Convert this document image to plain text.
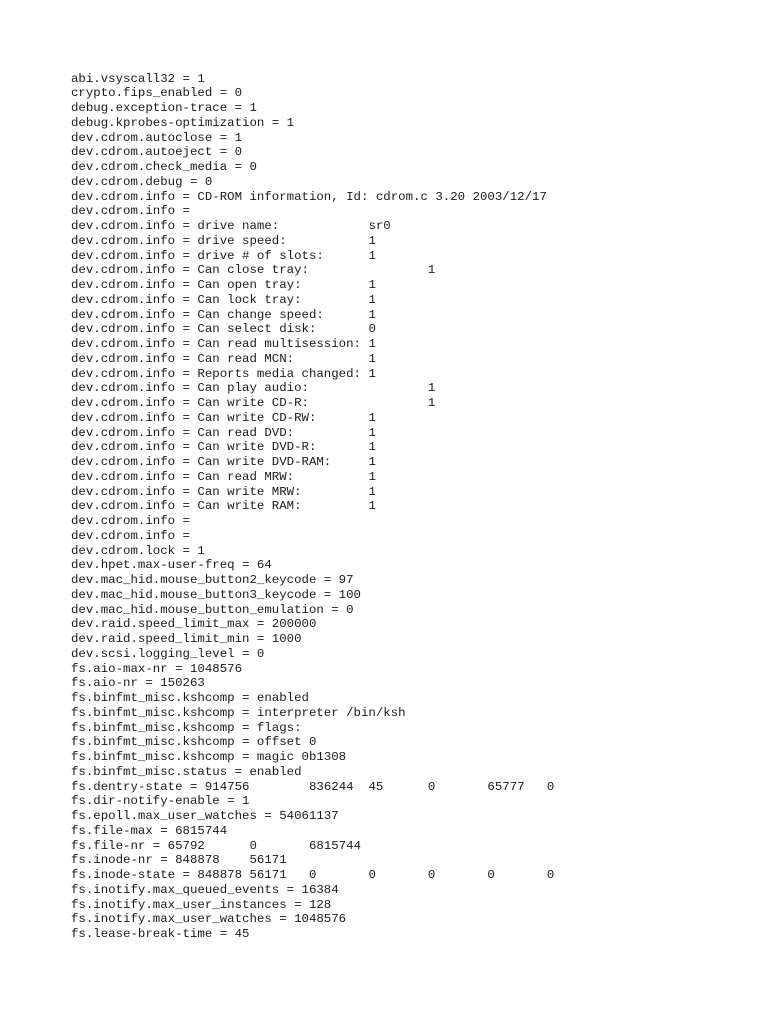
abi.vsyscall32 = 1
crypto.fips_enabled = 0
debug.exception-trace = 1
debug.kprobes-optimization = 1
dev.cdrom.autoclose = 1
dev.cdrom.autoeject = 0
dev.cdrom.check_media = 0
dev.cdrom.debug = 0
dev.cdrom.info = CD-ROM information, Id: cdrom.c 3.20 2003/12/17
dev.cdrom.info =
dev.cdrom.info = drive name:		sr0
dev.cdrom.info = drive speed:		1
dev.cdrom.info = drive # of slots:	1
dev.cdrom.info = Can close tray:		1
dev.cdrom.info = Can open tray:		1
dev.cdrom.info = Can lock tray:		1
dev.cdrom.info = Can change speed:	1
dev.cdrom.info = Can select disk:	0
dev.cdrom.info = Can read multisession:	1
dev.cdrom.info = Can read MCN:		1
dev.cdrom.info = Reports media changed:	1
dev.cdrom.info = Can play audio:		1
dev.cdrom.info = Can write CD-R:		1
dev.cdrom.info = Can write CD-RW:	1
dev.cdrom.info = Can read DVD:		1
dev.cdrom.info = Can write DVD-R:	1
dev.cdrom.info = Can write DVD-RAM:	1
dev.cdrom.info = Can read MRW:		1
dev.cdrom.info = Can write MRW:		1
dev.cdrom.info = Can write RAM:		1
dev.cdrom.info =
dev.cdrom.info =
dev.cdrom.lock = 1
dev.hpet.max-user-freq = 64
dev.mac_hid.mouse_button2_keycode = 97
dev.mac_hid.mouse_button3_keycode = 100
dev.mac_hid.mouse_button_emulation = 0
dev.raid.speed_limit_max = 200000
dev.raid.speed_limit_min = 1000
dev.scsi.logging_level = 0
fs.aio-max-nr = 1048576
fs.aio-nr = 150263
fs.binfmt_misc.kshcomp = enabled
fs.binfmt_misc.kshcomp = interpreter /bin/ksh
fs.binfmt_misc.kshcomp = flags:
fs.binfmt_misc.kshcomp = offset 0
fs.binfmt_misc.kshcomp = magic 0b1308
fs.binfmt_misc.status = enabled
fs.dentry-state = 914756	836244	45	0	65777	0
fs.dir-notify-enable = 1
fs.epoll.max_user_watches = 54061137
fs.file-max = 6815744
fs.file-nr = 65792	0	6815744
fs.inode-nr = 848878	56171
fs.inode-state = 848878	56171	0	0	0	0	0
fs.inotify.max_queued_events = 16384
fs.inotify.max_user_instances = 128
fs.inotify.max_user_watches = 1048576
fs.lease-break-time = 45
